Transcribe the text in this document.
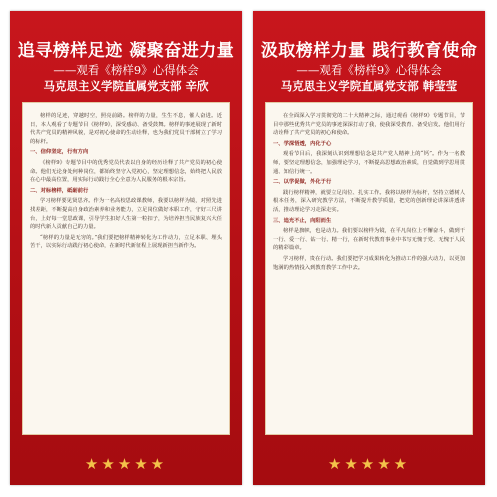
追寻榜样足迹 凝聚奋进力量
——观看《榜样9》心得体会
马克思主义学院直属党支部 辛欣

榜样的足迹，穿越时空，照亮前路。榜样的力量，生生不息，催人奋进。近日，本人观看了专题节目《榜样9》，深受感动、备受鼓舞。榜样的事迹展现了新时代共产党员的精神风貌，是对初心使命的生动诠释，也为我们党员干部树立了学习的标杆。

一、信仰坚定，行有方向

《榜样9》专题节目中的优秀党员代表以自身的经历诠释了共产党员的初心使命。他们无论身处何种岗位，都始终坚守入党初心，坚定理想信念，始终把人民放在心中最高位置，用实际行动践行全心全意为人民服务的根本宗旨。

二、对标榜样，砥砺前行

学习榜样要见贤思齐。作为一名高校思政课教师，我要以榜样为镜，对照先进找差距，不断提高自身政治素养和业务能力，立足岗位做好本职工作，守好三尺讲台，上好每一堂思政课，引导学生扣好人生第一粒扣子，为培养担当民族复兴大任的时代新人贡献自己的力量。

“榜样的力量是无穷的。”我们要把榜样精神转化为工作动力，立足本职、埋头苦干，以实际行动践行初心使命，在新时代新征程上展现新担当新作为。

★★★★★
汲取榜样力量 践行教育使命
——观看《榜样9》心得体会
马克思主义学院直属党支部 韩莹莹

在全面深入学习贯彻党的二十大精神之际，通过观看《榜样9》专题节目，节目中那些优秀共产党员的事迹深深打动了我，使我深受教育、备受启发。他们用行动诠释了共产党员的初心和使命。

一、学深悟透，内化于心

观看节目后，我深刻认识到理想信念是共产党人精神上的“钙”。作为一名教师，要坚定理想信念，加强理论学习，不断提高思想政治素质，自觉做到学思用贯通、知信行统一。

二、以学促做，外化于行

践行榜样精神，就要立足岗位、扎实工作。我将以榜样为标杆，坚持立德树人根本任务，深入研究教学方法，不断提升教学质量，把党的创新理论讲深讲透讲活，推动理论学习走深走实。

三、追光不止，向阳而生

榜样是旗帜，也是动力。我们要以榜样为镜，在平凡岗位上不懈奋斗，做到干一行、爱一行、钻一行、精一行，在新时代教育事业中书写无愧于党、无愧于人民的精彩篇章。

学习榜样，贵在行动。我们要把学习成果转化为推动工作的强大动力，以更加饱满的热情投入到教育教学工作中去。

★★★★★
